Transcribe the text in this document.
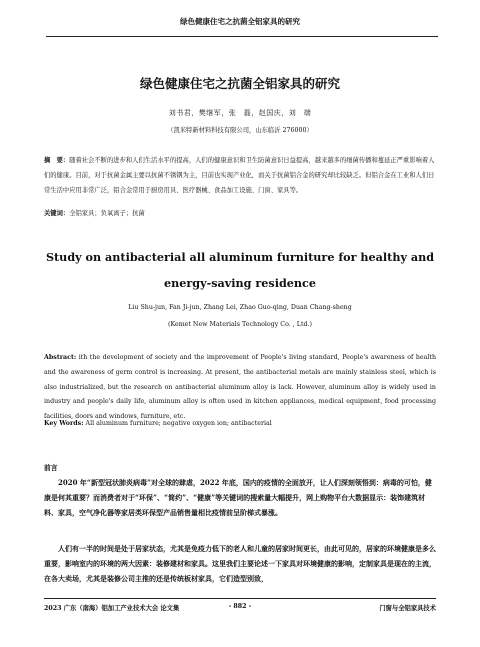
绿色健康住宅之抗菌全铝家具的研究
绿色健康住宅之抗菌全铝家具的研究
刘书君，樊继军，张　磊，赵国庆，刘　端
（凯米特新材料科技有限公司，山东临沂 276000）
摘　要：随着社会不断的进步和人们生活水平的提高，人们的健康意识和卫生防菌意识日益提高，越来越多的细菌传播和蔓延正严重影响着人们的健康。目前，对于抗菌金属主要以抗菌不锈钢为主，目前也实现产业化，而关于抗菌铝合金的研究却比较缺乏。但铝合金在工业和人们日常生活中应用非常广泛，铝合金常用于厨房用具、医疗器械、食品加工设施、门窗、家具等。
关键词：全铝家具；负氧离子；抗菌
Study on antibacterial all aluminum furniture for healthy and energy-saving residence
Liu Shu-jun, Fan Ji-jun, Zhang Lei, Zhao Guo-qing, Duan Chang-sheng
(Kemet New Materials Technology Co. , Ltd.)
Abstract: ith the development of society and the improvement of People's living standard, People's awareness of health and the awareness of germ control is increasing. At present, the antibacterial metals are mainly stainless steel, which is also industrialized, but the research on antibacterial aluminum alloy is lack. However, aluminum alloy is widely used in industry and people's daily life, aluminum alloy is often used in kitchen appliances, medical equipment, food processing facilities, doors and windows, furniture, etc.
Key Words: All aluminum furniture; negative oxygen ion; antibacterial
前言
2020 年“新型冠状肺炎病毒”对全球的肆虐，2022 年底，国内的疫情的全面放开，让人们深刻领悟到：病毒的可怕，健康是何其重要？而消费者对于“环保”、“简约”、“健康”等关键词的搜索量大幅提升，网上购物平台大数据显示：装饰建筑材料、家具，空气净化器等家居类环保型产品销售量相比疫情前呈阶梯式暴涨。
人们有一半的时间是处于居家状态，尤其是免疫力低下的老人和儿童的居家时间更长，由此可见的，居家的环境健康是多么重要，影响室内的环境的两大因素：装修建材和家具。这里我们主要论述一下家具对环境健康的影响，定制家具是现在的主流，在各大卖场，尤其是装修公司主推的还是传统板材家具，它们造型别致，
2023 广东（南海）铝加工产业技术大会 论文集	- 882 -	门窗与全铝家具技术
